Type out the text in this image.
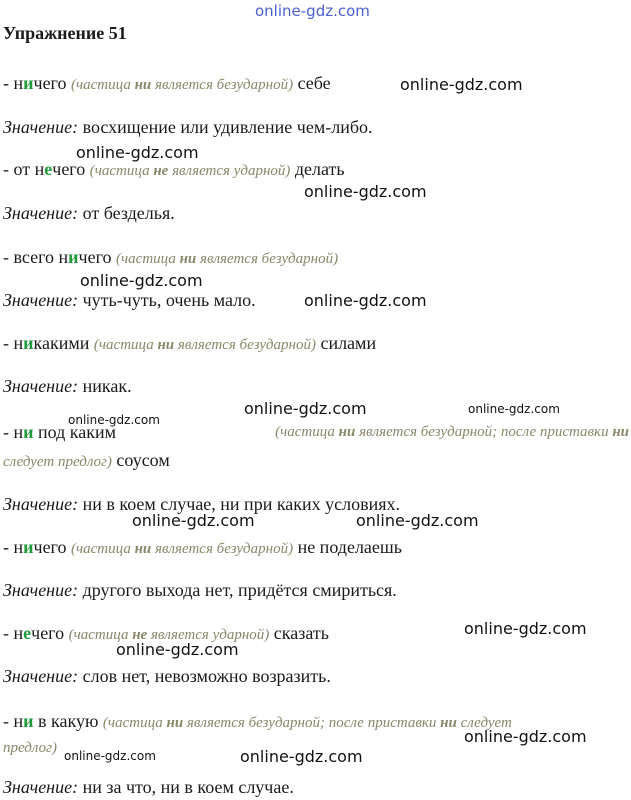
Упражнение 51
- ничего (частица ни является безударной) себе
Значение: восхищение или удивление чем-либо.
- от нечего (частица не является ударной) делать
Значение: от безделья.
- всего ничего (частица ни является безударной)
Значение: чуть-чуть, очень мало.
- никакими (частица ни является безударной) силами
Значение: никак.
- ни под каким	(частица ни является безударной; после приставки ни
следует предлог) соусом
Значение: ни в коем случае, ни при каких условиях.
- ничего (частица ни является безударной) не поделаешь
Значение: другого выхода нет, придётся смириться.
- нечего (частица не является ударной) сказать
Значение: слов нет, невозможно возразить.
- ни в какую (частица ни является безударной; после приставки ни следует
предлог)
Значение: ни за что, ни в коем случае.
online-gdz.com
online-gdz.com
online-gdz.com
online-gdz.com
online-gdz.com
online-gdz.com
online-gdz.com
online-gdz.com
online-gdz.com
online-gdz.com	online-gdz.com
online-gdz.com
online-gdz.com
online-gdz.com
online-gdz.com	online-gdz.com
